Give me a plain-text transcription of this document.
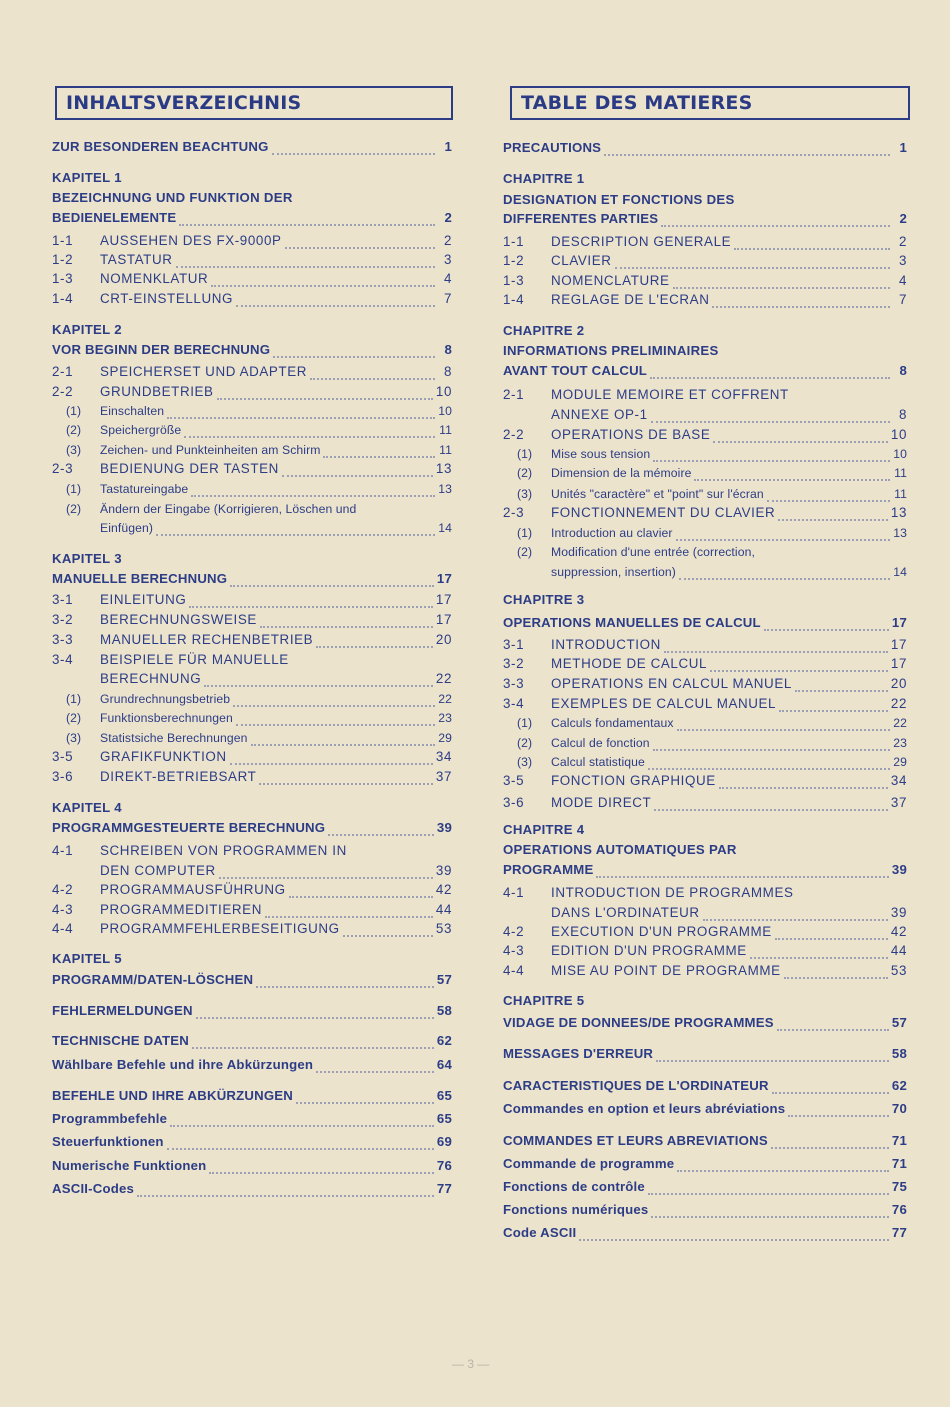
INHALTSVERZEICHNIS
ZUR BESONDEREN BEACHTUNG	1
KAPITEL 1
BEZEICHNUNG UND FUNKTION DER
BEDIENELEMENTE	2
1-1	AUSSEHEN DES FX-9000P	2
1-2	TASTATUR	3
1-3	NOMENKLATUR	4
1-4	CRT-EINSTELLUNG	7
KAPITEL 2
VOR BEGINN DER BERECHNUNG	8
2-1	SPEICHERSET UND ADAPTER	8
2-2	GRUNDBETRIEB	10
(1)	Einschalten	10
(2)	Speichergröße	11
(3)	Zeichen- und Punkteinheiten am Schirm	11
2-3	BEDIENUNG DER TASTEN	13
(1)	Tastatureingabe	13
(2)	Ändern der Eingabe (Korrigieren, Löschen und
Einfügen)	14
KAPITEL 3
MANUELLE BERECHNUNG	17
3-1	EINLEITUNG	17
3-2	BERECHNUNGSWEISE	17
3-3	MANUELLER RECHENBETRIEB	20
3-4	BEISPIELE FÜR MANUELLE
BERECHNUNG	22
(1)	Grundrechnungsbetrieb	22
(2)	Funktionsberechnungen	23
(3)	Statistsiche Berechnungen	29
3-5	GRAFIKFUNKTION	34
3-6	DIREKT-BETRIEBSART	37
KAPITEL 4
PROGRAMMGESTEUERTE BERECHNUNG	39
4-1	SCHREIBEN VON PROGRAMMEN IN
DEN COMPUTER	39
4-2	PROGRAMMAUSFÜHRUNG	42
4-3	PROGRAMMEDITIEREN	44
4-4	PROGRAMMFEHLERBESEITIGUNG	53
KAPITEL 5
PROGRAMM/DATEN-LÖSCHEN	57
FEHLERMELDUNGEN	58
TECHNISCHE DATEN	62
Wählbare Befehle und ihre Abkürzungen	64
BEFEHLE UND IHRE ABKÜRZUNGEN	65
Programmbefehle	65
Steuerfunktionen	69
Numerische Funktionen	76
ASCII-Codes	77
TABLE DES MATIERES
PRECAUTIONS	1
CHAPITRE 1
DESIGNATION ET FONCTIONS DES
DIFFERENTES PARTIES	2
1-1	DESCRIPTION GENERALE	2
1-2	CLAVIER	3
1-3	NOMENCLATURE	4
1-4	REGLAGE DE L'ECRAN	7
CHAPITRE 2
INFORMATIONS PRELIMINAIRES
AVANT TOUT CALCUL	8
2-1	MODULE MEMOIRE ET COFFRENT
ANNEXE OP-1	8
2-2	OPERATIONS DE BASE	10
(1)	Mise sous tension	10
(2)	Dimension de la mémoire	11
(3)	Unités "caractère" et "point" sur l'écran	11
2-3	FONCTIONNEMENT DU CLAVIER	13
(1)	Introduction au clavier	13
(2)	Modification d'une entrée (correction,
suppression, insertion)	14
CHAPITRE 3
OPERATIONS MANUELLES DE CALCUL	17
3-1	INTRODUCTION	17
3-2	METHODE DE CALCUL	17
3-3	OPERATIONS EN CALCUL MANUEL	20
3-4	EXEMPLES DE CALCUL MANUEL	22
(1)	Calculs fondamentaux	22
(2)	Calcul de fonction	23
(3)	Calcul statistique	29
3-5	FONCTION GRAPHIQUE	34
3-6	MODE DIRECT	37
CHAPITRE 4
OPERATIONS AUTOMATIQUES PAR
PROGRAMME	39
4-1	INTRODUCTION DE PROGRAMMES
DANS L'ORDINATEUR	39
4-2	EXECUTION D'UN PROGRAMME	42
4-3	EDITION D'UN PROGRAMME	44
4-4	MISE AU POINT DE PROGRAMME	53
CHAPITRE 5
VIDAGE DE DONNEES/DE PROGRAMMES	57
MESSAGES D'ERREUR	58
CARACTERISTIQUES DE L'ORDINATEUR	62
Commandes en option et leurs abréviations	70
COMMANDES ET LEURS ABREVIATIONS	71
Commande de programme	71
Fonctions de contrôle	75
Fonctions numériques	76
Code ASCII	77
— 3 —
